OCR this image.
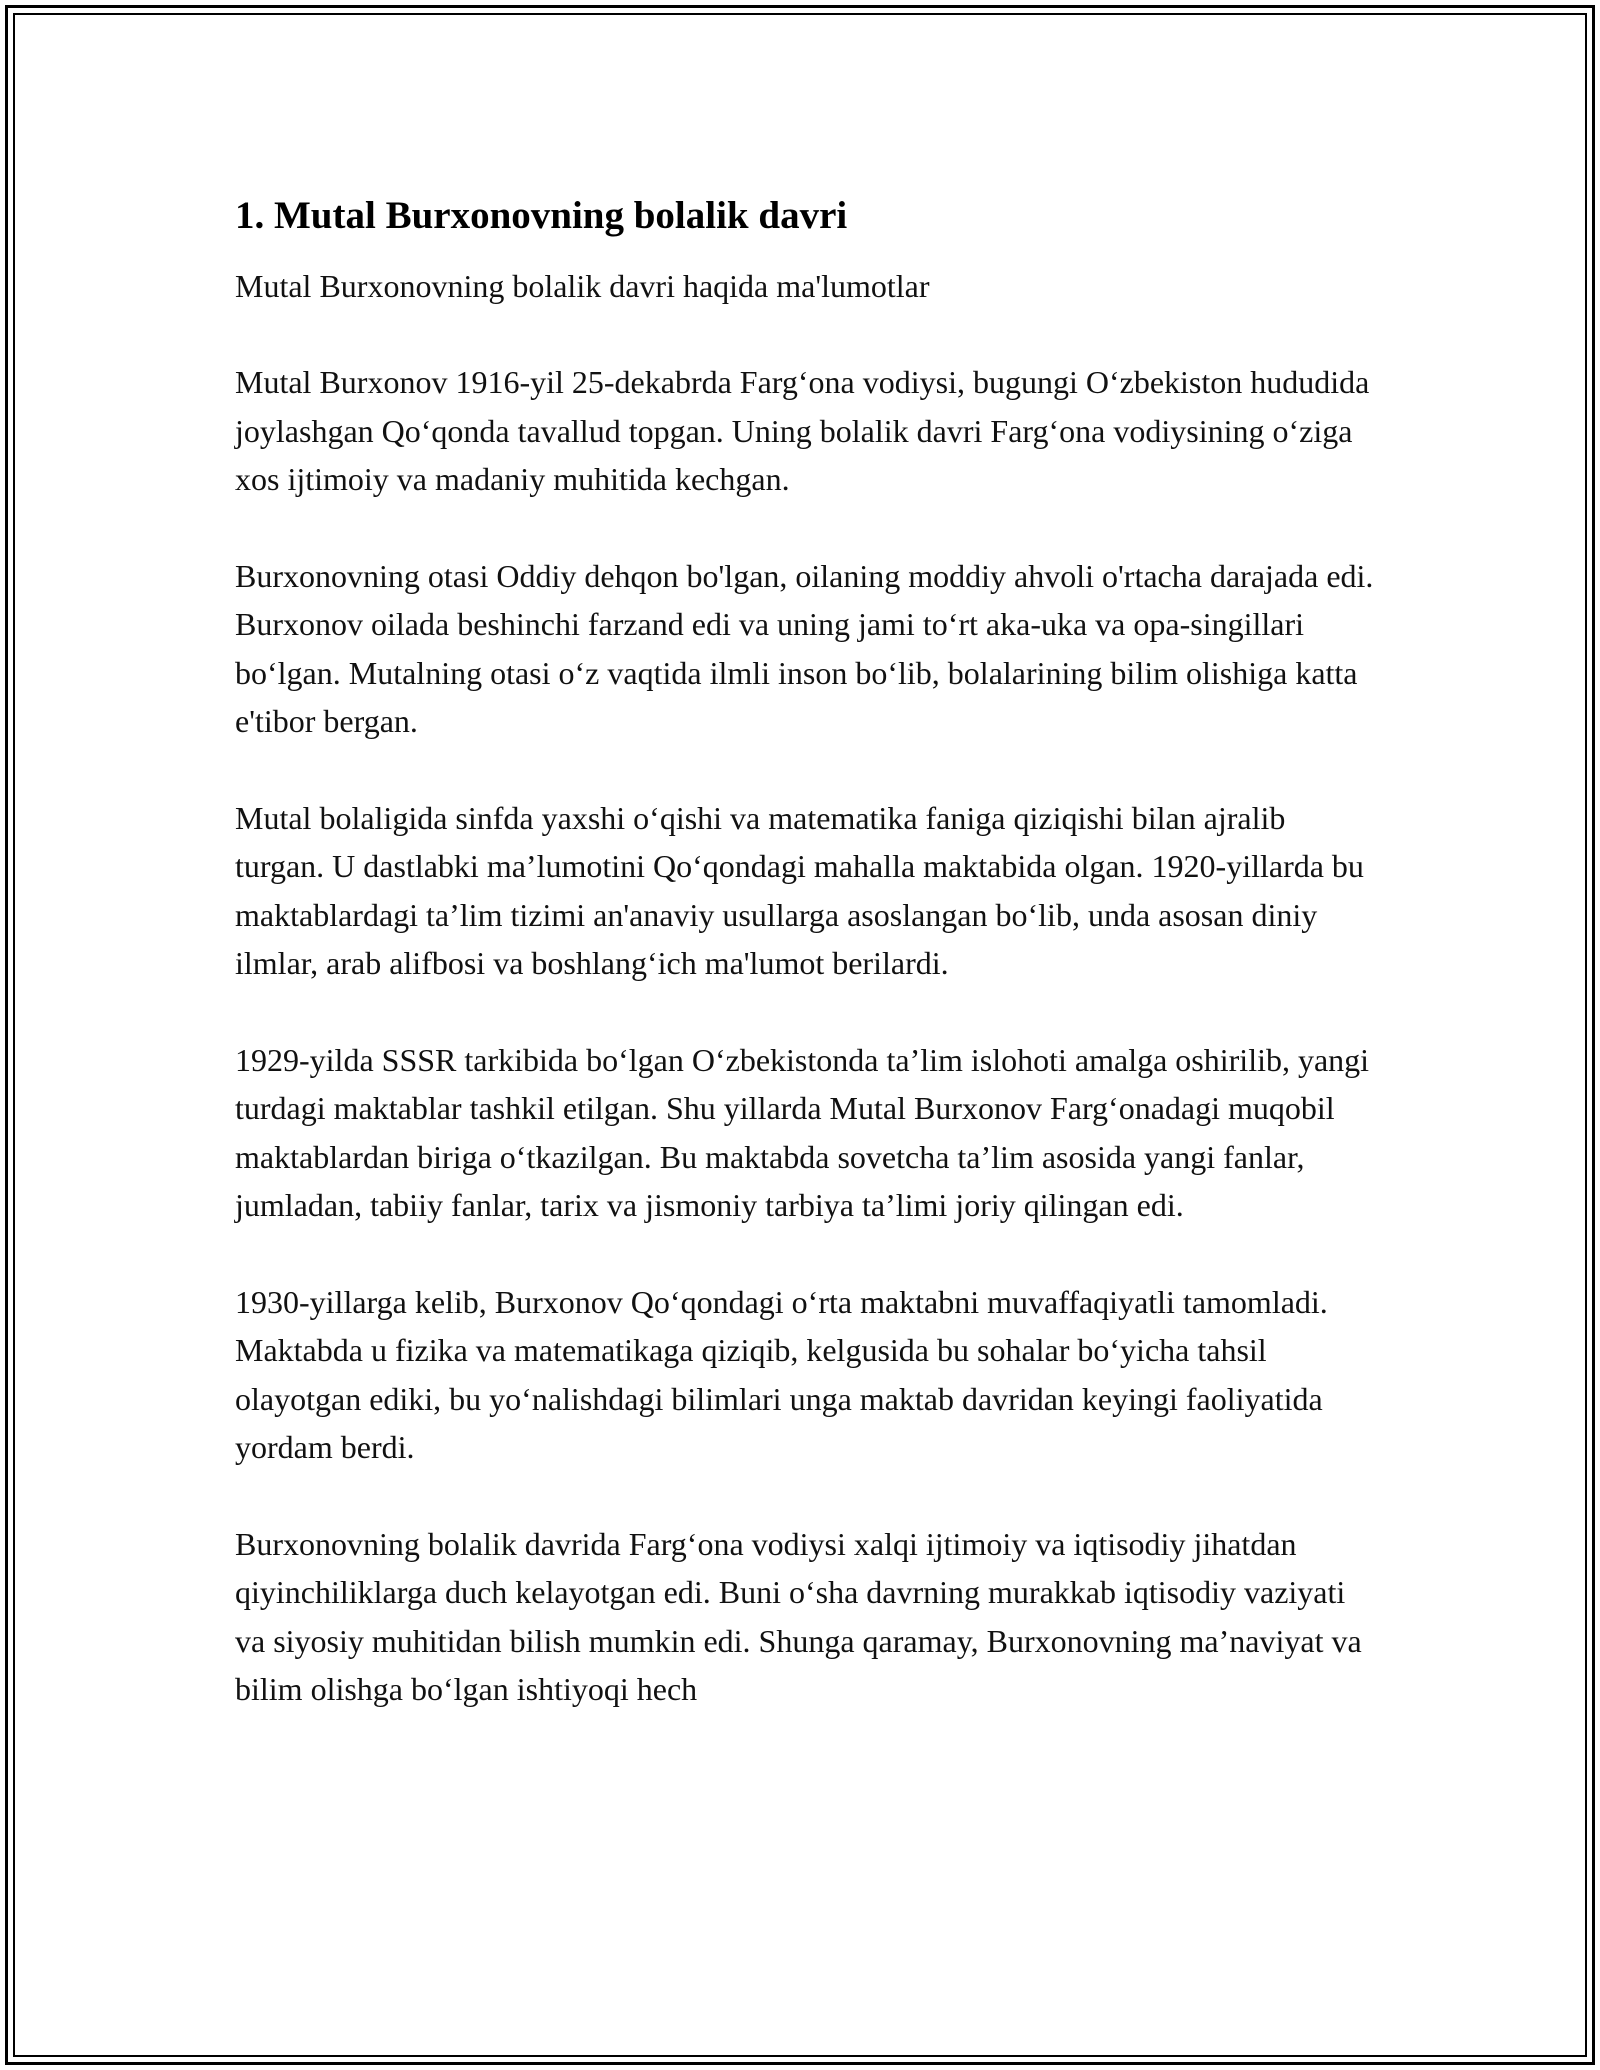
1. Mutal Burxonovning bolalik davri

Mutal Burxonovning bolalik davri haqida ma'lumotlar

Mutal Burxonov 1916-yil 25-dekabrda Farg‘ona vodiysi, bugungi O‘zbekiston hududida joylashgan Qo‘qonda tavallud topgan. Uning bolalik davri Farg‘ona vodiysining o‘ziga xos ijtimoiy va madaniy muhitida kechgan.

Burxonovning otasi Oddiy dehqon bo'lgan, oilaning moddiy ahvoli o'rtacha darajada edi. Burxonov oilada beshinchi farzand edi va uning jami to‘rt aka-uka va opa-singillari bo‘lgan. Mutalning otasi o‘z vaqtida ilmli inson bo‘lib, bolalarining bilim olishiga katta e'tibor bergan.

Mutal bolaligida sinfda yaxshi o‘qishi va matematika faniga qiziqishi bilan ajralib turgan. U dastlabki ma’lumotini Qo‘qondagi mahalla maktabida olgan. 1920-yillarda bu maktablardagi ta’lim tizimi an'anaviy usullarga asoslangan bo‘lib, unda asosan diniy ilmlar, arab alifbosi va boshlang‘ich ma'lumot berilardi.

1929-yilda SSSR tarkibida bo‘lgan O‘zbekistonda ta’lim islohoti amalga oshirilib, yangi turdagi maktablar tashkil etilgan. Shu yillarda Mutal Burxonov Farg‘onadagi muqobil maktablardan biriga o‘tkazilgan. Bu maktabda sovetcha ta’lim asosida yangi fanlar, jumladan, tabiiy fanlar, tarix va jismoniy tarbiya ta’limi joriy qilingan edi.

1930-yillarga kelib, Burxonov Qo‘qondagi o‘rta maktabni muvaffaqiyatli tamomladi. Maktabda u fizika va matematikaga qiziqib, kelgusida bu sohalar bo‘yicha tahsil olayotgan ediki, bu yo‘nalishdagi bilimlari unga maktab davridan keyingi faoliyatida yordam berdi.

Burxonovning bolalik davrida Farg‘ona vodiysi xalqi ijtimoiy va iqtisodiy jihatdan qiyinchiliklarga duch kelayotgan edi. Buni o‘sha davrning murakkab iqtisodiy vaziyati va siyosiy muhitidan bilish mumkin edi. Shunga qaramay, Burxonovning ma’naviyat va bilim olishga bo‘lgan ishtiyoqi hech
